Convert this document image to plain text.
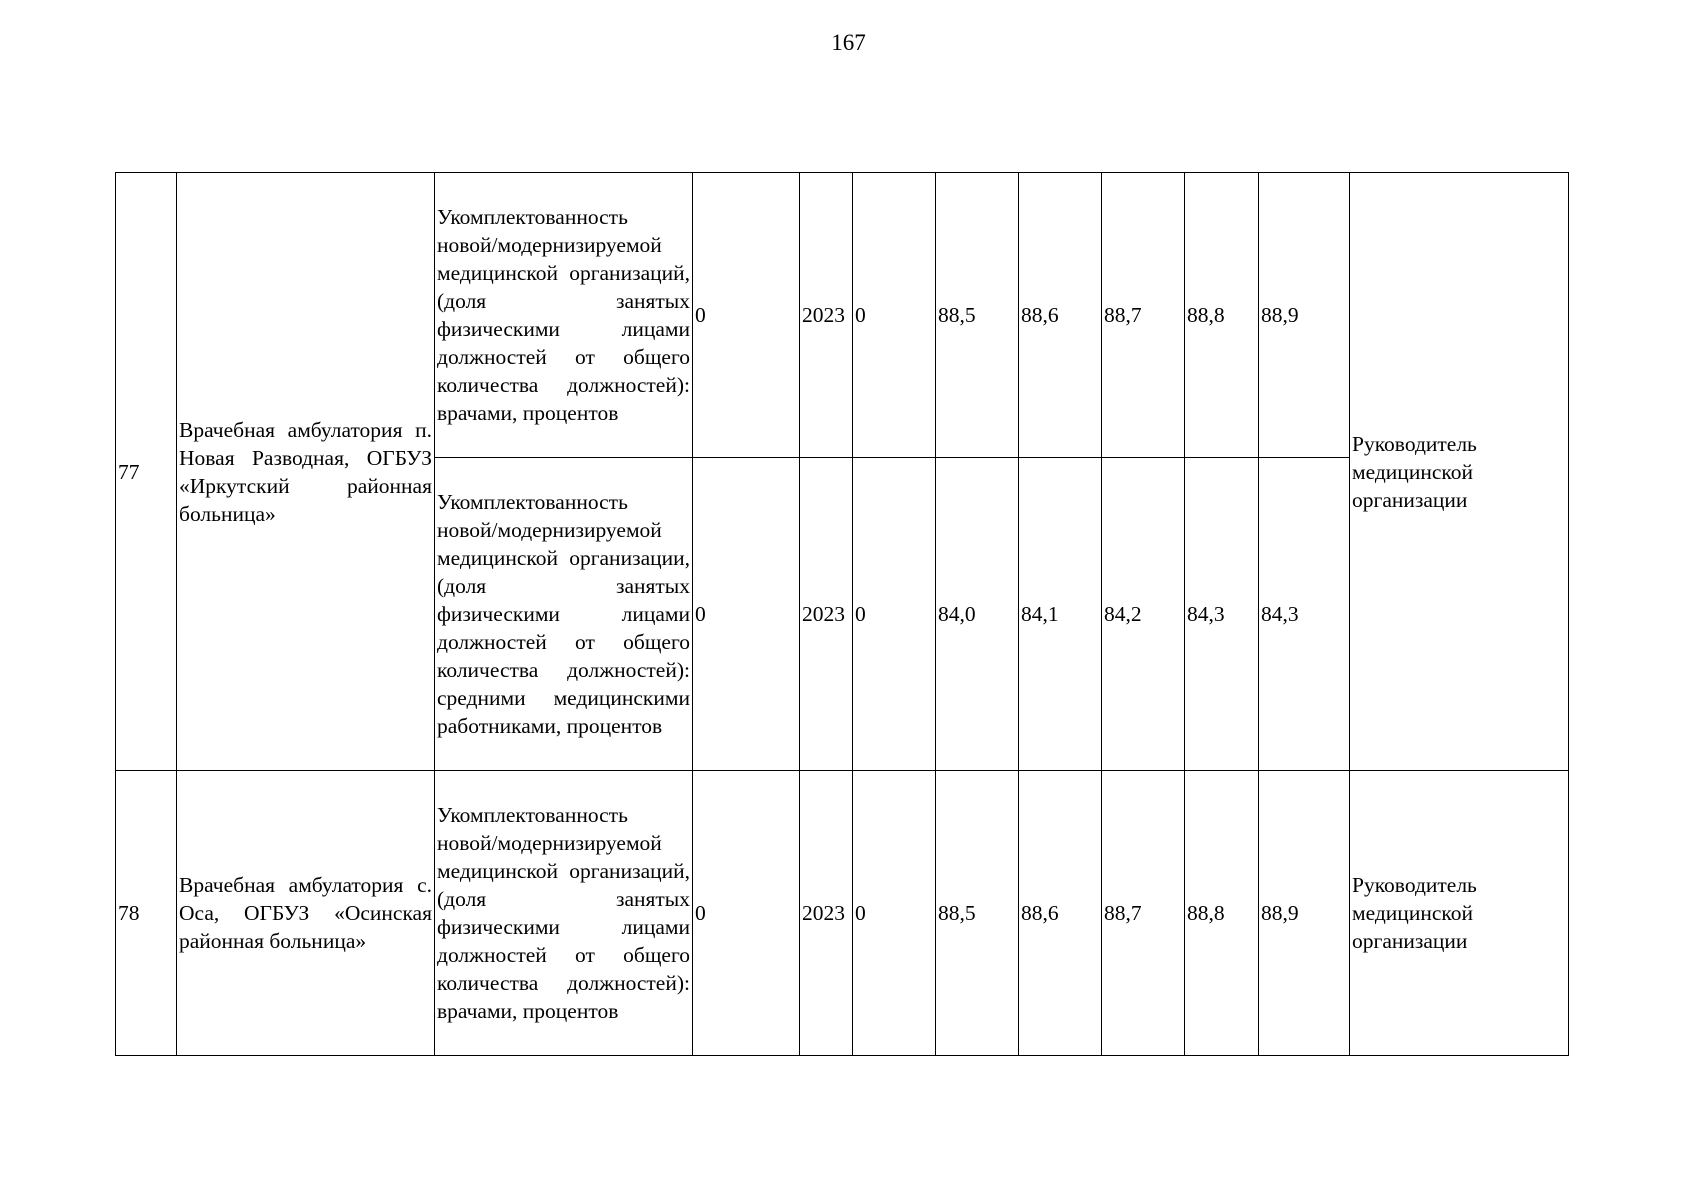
167
77	Врачебная амбулатория п. Новая Разводная, ОГБУЗ «Иркутский районная больница»	Укомплектованность новой/модернизируемой медицинской организаций, (доля занятых физическими лицами должностей от общего количества должностей): врачами, процентов	0	2023	0	88,5	88,6	88,7	88,8	88,9	Руководитель медицинской организации
		Укомплектованность новой/модернизируемой медицинской организации, (доля занятых физическими лицами должностей от общего количества должностей): средними медицинскими работниками, процентов	0	2023	0	84,0	84,1	84,2	84,3	84,3	
78	Врачебная амбулатория с. Оса, ОГБУЗ «Осинская районная больница»	Укомплектованность новой/модернизируемой медицинской организаций, (доля занятых физическими лицами должностей от общего количества должностей): врачами, процентов	0	2023	0	88,5	88,6	88,7	88,8	88,9	Руководитель медицинской организации
